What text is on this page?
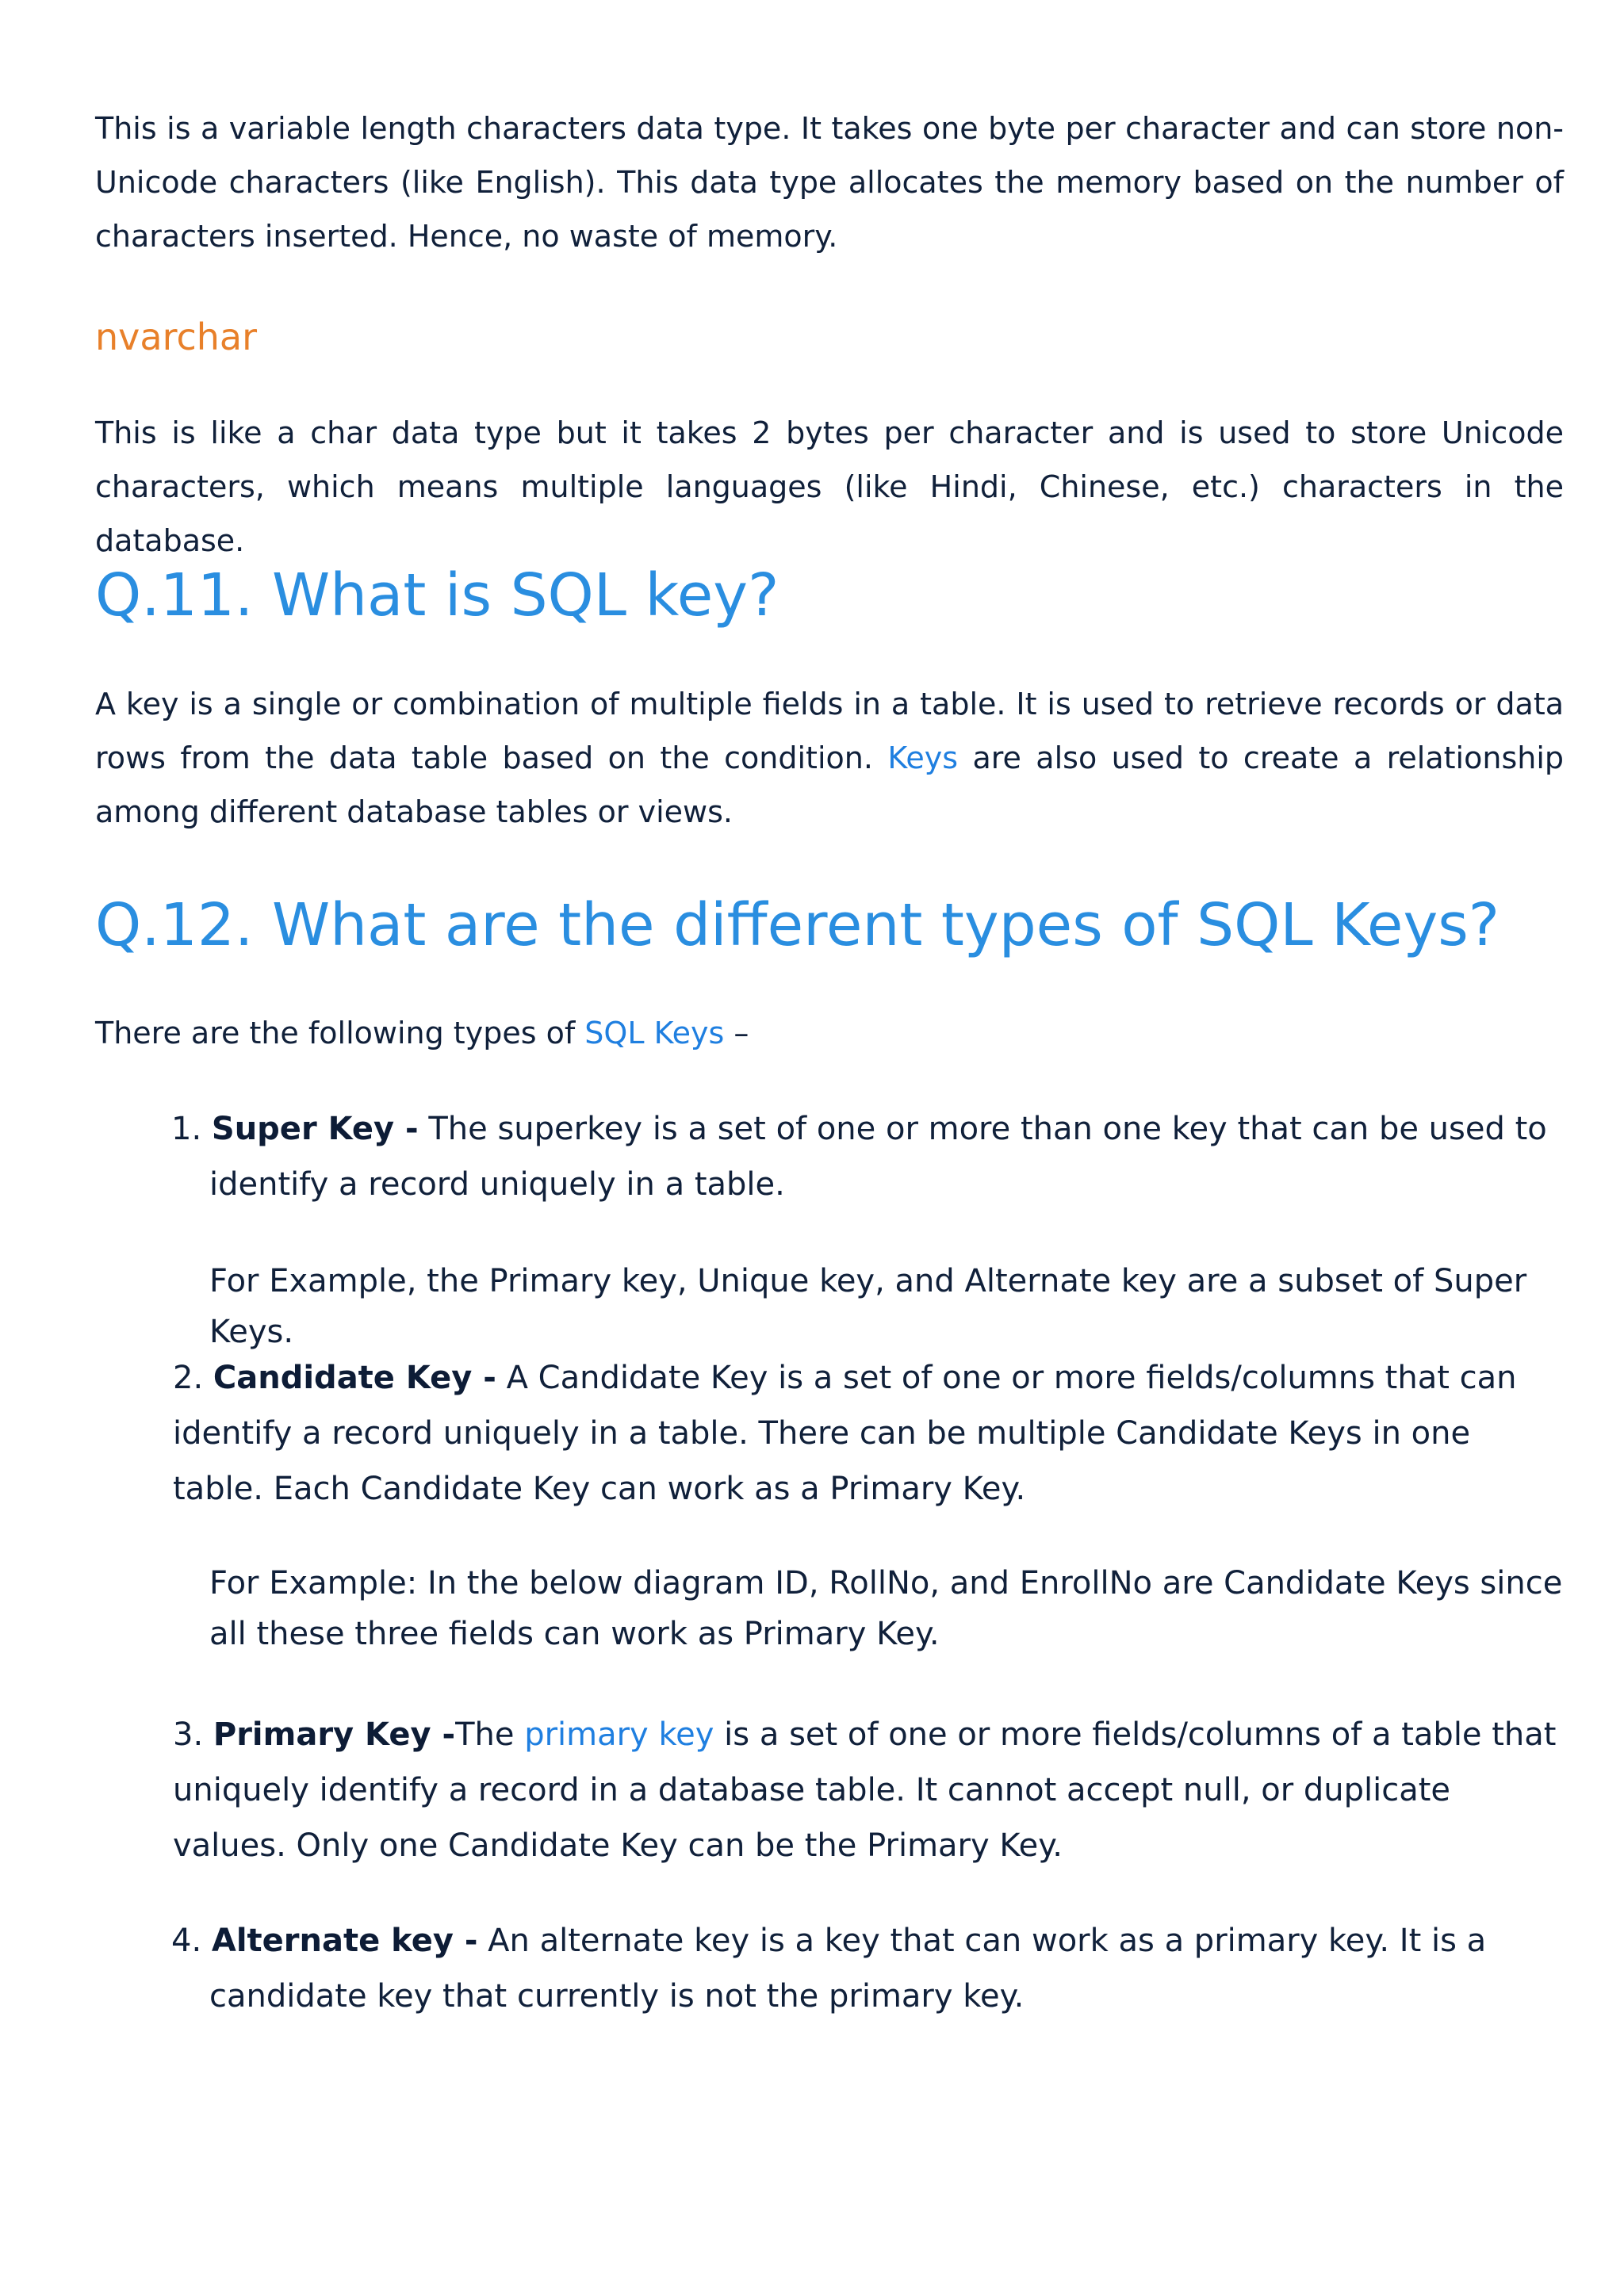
This is a variable length characters data type. It takes one byte per character and can store non-Unicode characters (like English). This data type allocates the memory based on the number of characters inserted. Hence, no waste of memory.

nvarchar

This is like a char data type but it takes 2 bytes per character and is used to store Unicode characters, which means multiple languages (like Hindi, Chinese, etc.) characters in the database.

Q.11. What is SQL key?

A key is a single or combination of multiple fields in a table. It is used to retrieve records or data rows from the data table based on the condition. Keys are also used to create a relationship among different database tables or views.

Q.12. What are the different types of SQL Keys?

There are the following types of SQL Keys –

1. Super Key - The superkey is a set of one or more than one key that can be used to identify a record uniquely in a table.

For Example, the Primary key, Unique key, and Alternate key are a subset of Super Keys.

2. Candidate Key - A Candidate Key is a set of one or more fields/columns that can identify a record uniquely in a table. There can be multiple Candidate Keys in one table. Each Candidate Key can work as a Primary Key.

For Example: In the below diagram ID, RollNo, and EnrollNo are Candidate Keys since all these three fields can work as Primary Key.

3. Primary Key -The primary key is a set of one or more fields/columns of a table that uniquely identify a record in a database table. It cannot accept null, or duplicate values. Only one Candidate Key can be the Primary Key.

4. Alternate key - An alternate key is a key that can work as a primary key. It is a candidate key that currently is not the primary key.
